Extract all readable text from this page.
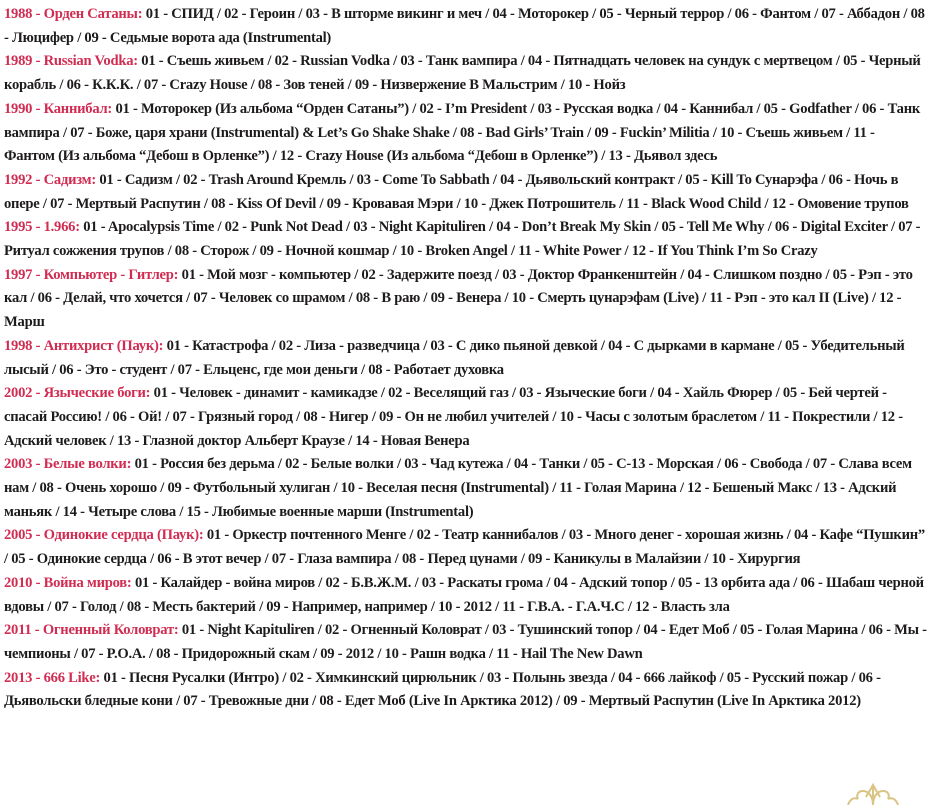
1988 - Орден Сатаны: 01 - СПИД / 02 - Героин / 03 - В шторме викинг и меч / 04 - Моторокер / 05 - Черный террор / 06 - Фантом / 07 - Аббадон / 08 - Люцифер / 09 - Седьмые ворота ада (Instrumental)

1989 - Russian Vodka: 01 - Съешь живьем / 02 - Russian Vodka / 03 - Танк вампира / 04 - Пятнадцать человек на сундук с мертвецом / 05 - Черный корабль / 06 - К.К.К. / 07 - Crazy House / 08 - Зов теней / 09 - Низвержение В Мальстрим / 10 - Нойз

1990 - Каннибал: 01 - Моторокер (Из альбома “Орден Сатаны”) / 02 - I’m President / 03 - Русская водка / 04 - Каннибал / 05 - Godfather / 06 - Танк вампира / 07 - Боже, царя храни (Instrumental) & Let’s Go Shake Shake / 08 - Bad Girls’ Train / 09 - Fuckin’ Militia / 10 - Съешь живьем / 11 - Фантом (Из альбома “Дебош в Орленке”) / 12 - Crazy House (Из альбома “Дебош в Орленке”) / 13 - Дьявол здесь

1992 - Садизм: 01 - Садизм / 02 - Trash Around Кремль / 03 - Come To Sabbath / 04 - Дьявольский контракт / 05 - Kill To Сунарэфа / 06 - Ночь в опере / 07 - Мертвый Распутин / 08 - Kiss Of Devil / 09 - Кровавая Мэри / 10 - Джек Потрошитель / 11 - Black Wood Child / 12 - Омовение трупов

1995 - 1.966: 01 - Apocalypsis Time / 02 - Punk Not Dead / 03 - Night Kapituliren / 04 - Don’t Break My Skin / 05 - Tell Me Why / 06 - Digital Exciter / 07 - Ритуал сожжения трупов / 08 - Сторож / 09 - Ночной кошмар / 10 - Broken Angel / 11 - White Power / 12 - If You Think I’m So Crazy

1997 - Компьютер - Гитлер: 01 - Мой мозг - компьютер / 02 - Задержите поезд / 03 - Доктор Франкенштейн / 04 - Слишком поздно / 05 - Рэп - это кал / 06 - Делай, что хочется / 07 - Человек со шрамом / 08 - В раю / 09 - Венера / 10 - Смерть цунарэфам (Live) / 11 - Рэп - это кал II (Live) / 12 - Марш

1998 - Антихрист (Паук): 01 - Катастрофа / 02 - Лиза - разведчица / 03 - С дико пьяной девкой / 04 - С дырками в кармане / 05 - Убедительный лысый / 06 - Это - студент / 07 - Ельценс, где мои деньги / 08 - Работает духовка

2002 - Языческие боги: 01 - Человек - динамит - камикадзе / 02 - Веселящий газ / 03 - Языческие боги / 04 - Хайль Фюрер / 05 - Бей чертей - спасай Россию! / 06 - Ой! / 07 - Грязный город / 08 - Нигер / 09 - Он не любил учителей / 10 - Часы с золотым браслетом / 11 - Покрестили / 12 - Адский человек / 13 - Глазной доктор Альберт Краузе / 14 - Новая Венера

2003 - Белые волки: 01 - Россия без дерьма / 02 - Белые волки / 03 - Чад кутежа / 04 - Танки / 05 - С-13 - Морская / 06 - Свобода / 07 - Слава всем нам / 08 - Очень хорошо / 09 - Футбольный хулиган / 10 - Веселая песня (Instrumental) / 11 - Голая Марина / 12 - Бешеный Макс / 13 - Адский маньяк / 14 - Четыре слова / 15 - Любимые военные марши (Instrumental)

2005 - Одинокие сердца (Паук): 01 - Оркестр почтенного Менге / 02 - Театр каннибалов / 03 - Много денег - хорошая жизнь / 04 - Кафе “Пушкин” / 05 - Одинокие сердца / 06 - В этот вечер / 07 - Глаза вампира / 08 - Перед цунами / 09 - Каникулы в Малайзии / 10 - Хирургия

2010 - Война миров: 01 - Калайдер - война миров / 02 - Б.В.Ж.М. / 03 - Раскаты грома / 04 - Адский топор / 05 - 13 орбита ада / 06 - Шабаш черной вдовы / 07 - Голод / 08 - Месть бактерий / 09 - Например, например / 10 - 2012 / 11 - Г.В.А. - Г.А.Ч.С / 12 - Власть зла

2011 - Огненный Коловрат: 01 - Night Kapituliren / 02 - Огненный Коловрат / 03 - Тушинский топор / 04 - Едет Моб / 05 - Голая Марина / 06 - Мы - чемпионы / 07 - P.O.A. / 08 - Придорожный скам / 09 - 2012 / 10 - Рашн водка / 11 - Hail The New Dawn

2013 - 666 Like: 01 - Песня Русалки (Интро) / 02 - Химкинский цирюльник / 03 - Полынь звезда / 04 - 666 лайкоф / 05 - Русский пожар / 06 - Дьявольски бледные кони / 07 - Тревожные дни / 08 - Едет Моб (Live In Арктика 2012) / 09 - Мертвый Распутин (Live In Арктика 2012)
